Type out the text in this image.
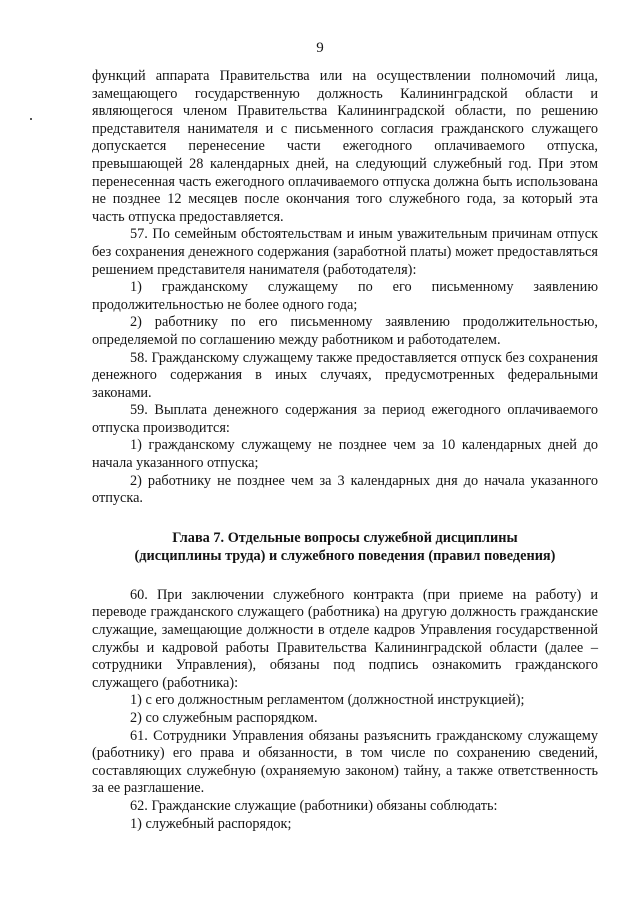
9

функций аппарата Правительства или на осуществлении полномочий лица, замещающего государственную должность Калининградской области и являющегося членом Правительства Калининградской области, по решению представителя нанимателя и с письменного согласия гражданского служащего допускается перенесение части ежегодного оплачиваемого отпуска, превышающей 28 календарных дней, на следующий служебный год. При этом перенесенная часть ежегодного оплачиваемого отпуска должна быть использована не позднее 12 месяцев после окончания того служебного года, за который эта часть отпуска предоставляется.

57. По семейным обстоятельствам и иным уважительным причинам отпуск без сохранения денежного содержания (заработной платы) может предоставляться решением представителя нанимателя (работодателя):

1) гражданскому служащему по его письменному заявлению продолжительностью не более одного года;

2) работнику по его письменному заявлению продолжительностью, определяемой по соглашению между работником и работодателем.

58. Гражданскому служащему также предоставляется отпуск без сохранения денежного содержания в иных случаях, предусмотренных федеральными законами.

59. Выплата денежного содержания за период ежегодного оплачиваемого отпуска производится:

1) гражданскому служащему не позднее чем за 10 календарных дней до начала указанного отпуска;

2) работнику не позднее чем за 3 календарных дня до начала указанного отпуска.

Глава 7. Отдельные вопросы служебной дисциплины
(дисциплины труда) и служебного поведения (правил поведения)

60. При заключении служебного контракта (при приеме на работу) и переводе гражданского служащего (работника) на другую должность гражданские служащие, замещающие должности в отделе кадров Управления государственной службы и кадровой работы Правительства Калининградской области (далее – сотрудники Управления), обязаны под подпись ознакомить гражданского служащего (работника):

1) с его должностным регламентом (должностной инструкцией);

2) со служебным распорядком.

61. Сотрудники Управления обязаны разъяснить гражданскому служащему (работнику) его права и обязанности, в том числе по сохранению сведений, составляющих служебную (охраняемую законом) тайну, а также ответственность за ее разглашение.

62. Гражданские служащие (работники) обязаны соблюдать:

1) служебный распорядок;
